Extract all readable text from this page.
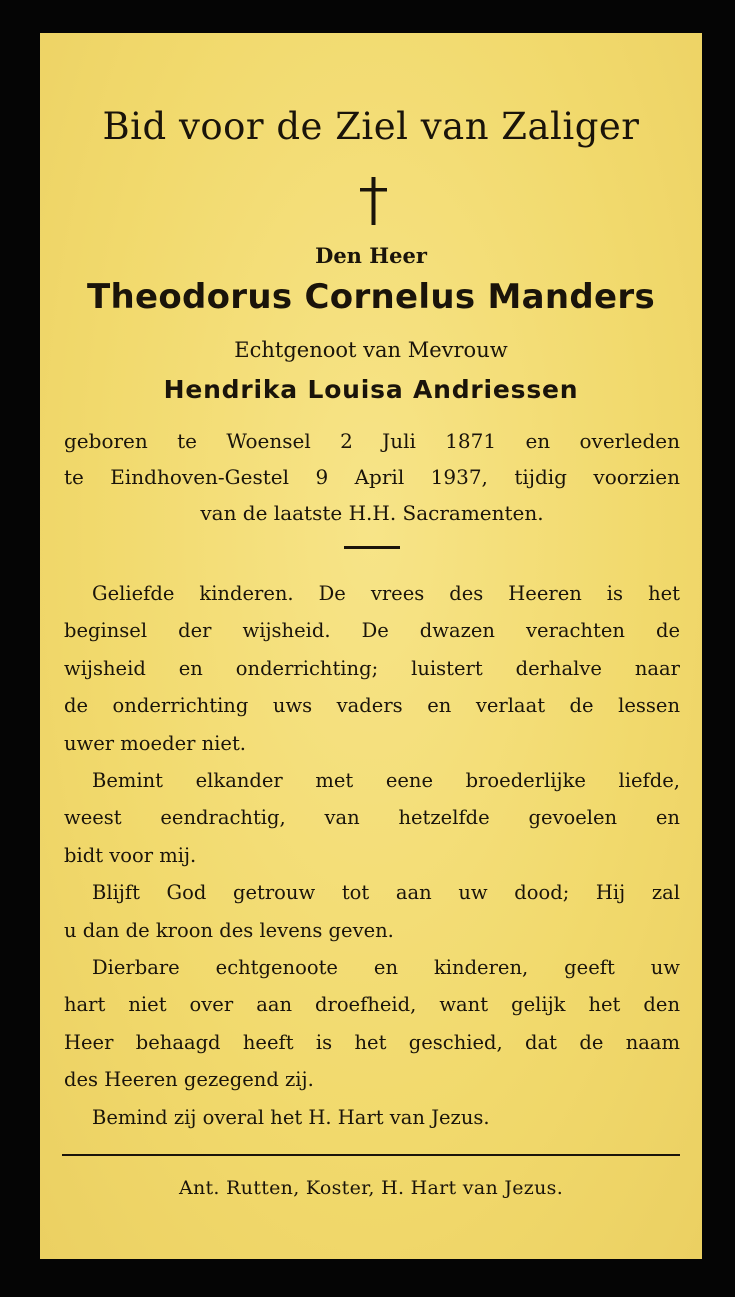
Bid voor de Ziel van Zaliger
Den Heer
Theodorus Cornelus Manders
Echtgenoot van Mevrouw
Hendrika Louisa Andriessen
geboren te Woensel 2 Juli 1871 en overleden
te Eindhoven-Gestel 9 April 1937, tijdig voorzien
van de laatste H.H. Sacramenten.
Geliefde kinderen. De vrees des Heeren is het
beginsel der wijsheid. De dwazen verachten de
wijsheid en onderrichting; luistert derhalve naar
de onderrichting uws vaders en verlaat de lessen
uwer moeder niet.
Bemint elkander met eene broederlijke liefde,
weest eendrachtig, van hetzelfde gevoelen en
bidt voor mij.
Blijft God getrouw tot aan uw dood; Hij zal
u dan de kroon des levens geven.
Dierbare echtgenoote en kinderen, geeft uw
hart niet over aan droefheid, want gelijk het den
Heer behaagd heeft is het geschied, dat de naam
des Heeren gezegend zij.
Bemind zij overal het H. Hart van Jezus.
Ant. Rutten, Koster, H. Hart van Jezus.
